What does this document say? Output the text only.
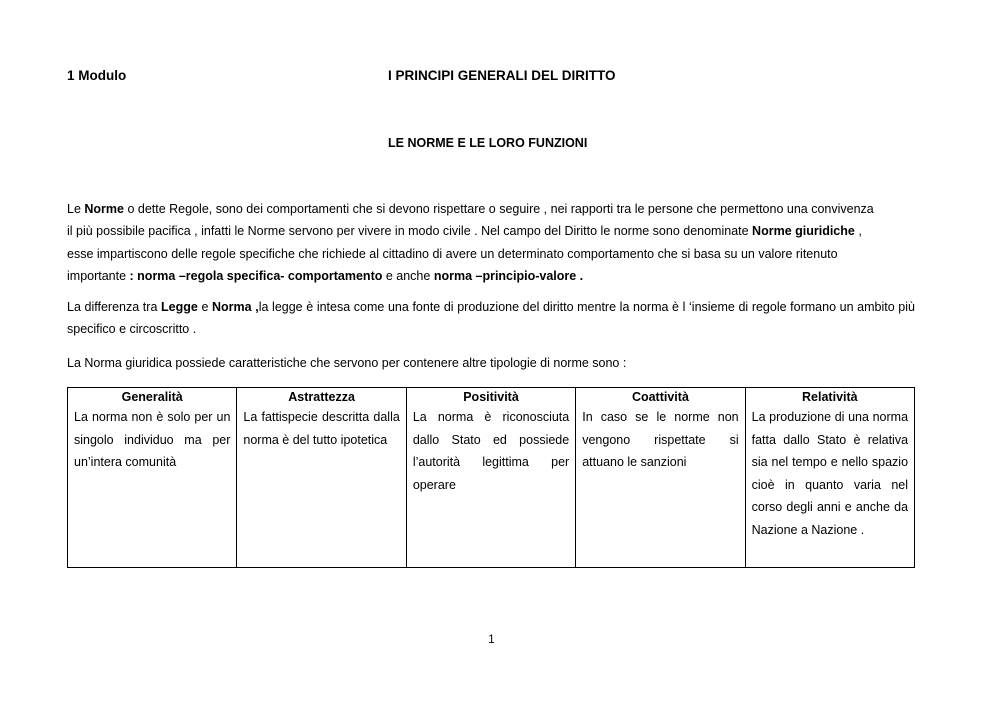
1 Modulo	I PRINCIPI GENERALI DEL DIRITTO
LE NORME E LE LORO FUNZIONI
Le Norme o dette Regole, sono dei comportamenti che si devono rispettare o seguire , nei rapporti tra le persone che permettono una convivenza
il più possibile pacifica , infatti le Norme servono per vivere in modo civile . Nel campo del Diritto le norme sono denominate Norme giuridiche ,
esse impartiscono delle regole specifiche che richiede al cittadino di avere un determinato comportamento che si basa su un valore ritenuto
importante : norma –regola specifica- comportamento e anche norma –principio-valore .
La differenza tra Legge e Norma ,la legge è intesa come una fonte di produzione del diritto mentre la norma è l ‘insieme di regole formano un ambito più specifico e circoscritto .
La Norma giuridica possiede caratteristiche che servono per contenere altre tipologie di norme sono :
Generalità
La norma non è solo per un singolo individuo ma per un’intera comunità
Astrattezza
La fattispecie descritta dalla norma è del tutto ipotetica
Positività
La norma è riconosciuta dallo Stato ed possiede l’autorità legittima per operare
Coattività
In caso se le norme non vengono rispettate si attuano le sanzioni
Relatività
La produzione di una norma fatta dallo Stato è relativa sia nel tempo e nello spazio cioè in quanto varia nel corso degli anni e anche da Nazione a Nazione .
1
